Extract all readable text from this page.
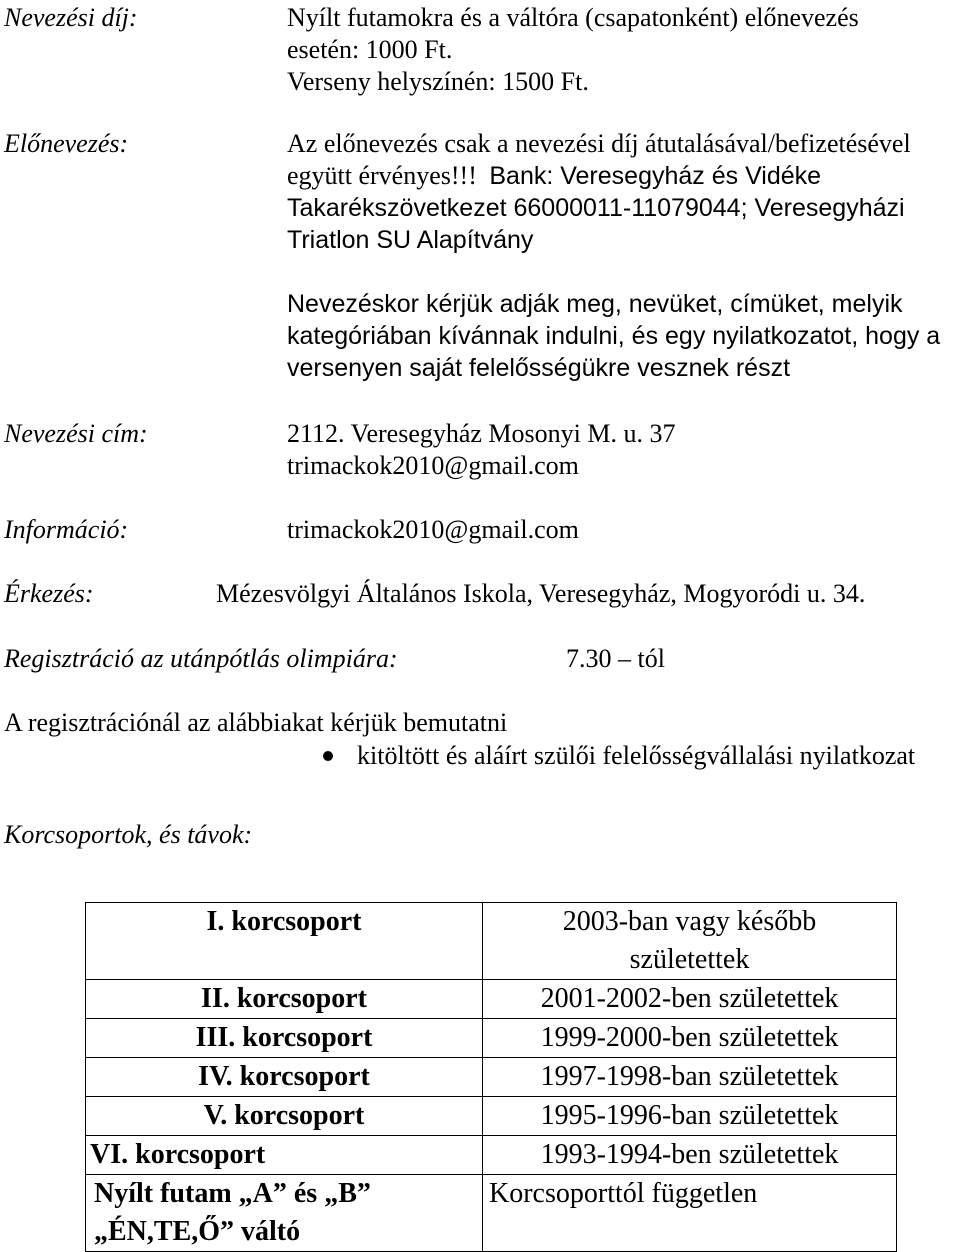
Nevezési díj:	Nyílt futamokra és a váltóra (csapatonként) előnevezés
esetén: 1000 Ft.
Verseny helyszínén: 1500 Ft.
Előnevezés:	Az előnevezés csak a nevezési díj átutalásával/befizetésével
együtt érvényes!!! Bank: Veresegyház és Vidéke
Takarékszövetkezet 66000011-11079044; Veresegyházi
Triatlon SU Alapítvány
Nevezéskor kérjük adják meg, nevüket, címüket, melyik
kategóriában kívánnak indulni, és egy nyilatkozatot, hogy a
versenyen saját felelősségükre vesznek részt
Nevezési cím:	2112. Veresegyház Mosonyi M. u. 37
trimackok2010@gmail.com
Információ:	trimackok2010@gmail.com
Érkezés:	Mézesvölgyi Általános Iskola, Veresegyház, Mogyoródi u. 34.
Regisztráció az utánpótlás olimpiára:	7.30 – tól
A regisztrációnál az alábbiakat kérjük bemutatni
kitöltött és aláírt szülői felelősségvállalási nyilatkozat
Korcsoportok, és távok:
I. korcsoport	2003-ban vagy később
születettek

II. korcsoport	2001-2002-ben születettek
III. korcsoport	1999-2000-ben születettek
IV. korcsoport	1997-1998-ban születettek
V. korcsoport	1995-1996-ban születettek
VI. korcsoport	1993-1994-ben születettek

Nyílt futam „A” és „B”
„ÉN,TE,Ő” váltó	Korcsoporttól független
